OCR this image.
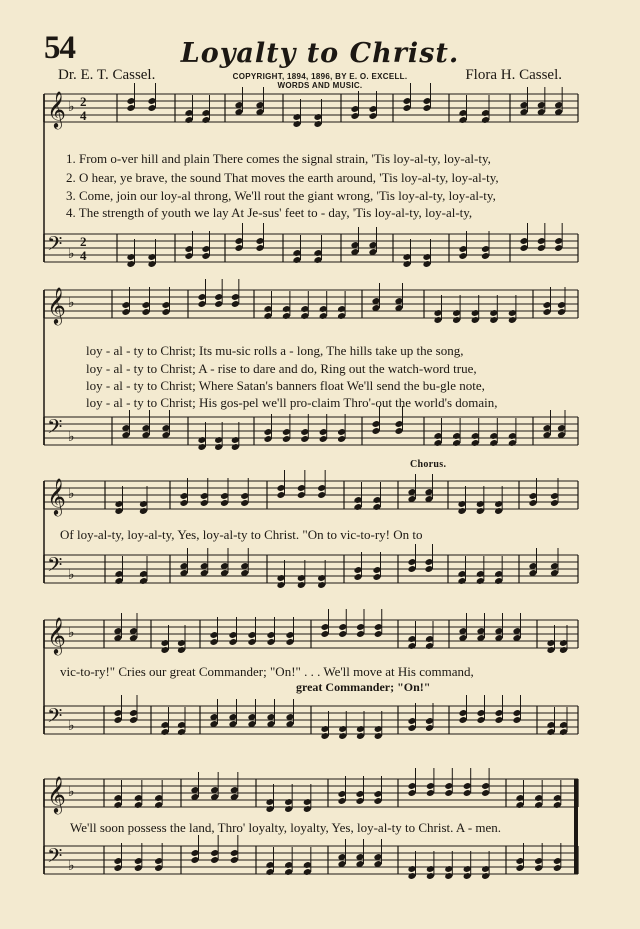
𝄞 ♭
𝄢 ♭
𝄞 ♭
𝄢 ♭
𝄞 ♭
𝄢 ♭
𝄞 ♭
𝄢 ♭
𝄞 ♭
𝄢 ♭
2
4
2
4
54	Loyalty to Christ.
Dr. E. T. Cassel.	COPYRIGHT, 1894, 1896, BY E. O. EXCELL.
WORDS AND MUSIC.
Flora H. Cassel.
1. From o-ver hill and plain There comes the signal strain, 'Tis loy-al-ty, loy-al-ty,
2. O hear, ye brave, the sound That moves the earth around, 'Tis loy-al-ty, loy-al-ty,
3. Come, join our loy-al throng, We'll rout the giant wrong, 'Tis loy-al-ty, loy-al-ty,
4. The strength of youth we lay At Je-sus' feet to - day, 'Tis loy-al-ty, loy-al-ty,
loy - al - ty to Christ; Its mu-sic rolls a - long, The hills take up the song,
loy - al - ty to Christ; A - rise to dare and do, Ring out the watch-word true,
loy - al - ty to Christ; Where Satan's banners float We'll send the bu-gle note,
loy - al - ty to Christ; His gos-pel we'll pro-claim Thro'-out the world's domain,
Chorus.
Of loy-al-ty, loy-al-ty, Yes, loy-al-ty to Christ. "On to vic-to-ry! On to
vic-to-ry!" Cries our great Commander; "On!" . . . We'll move at His command,
great Commander; "On!"
We'll soon possess the land, Thro' loyalty, loyalty, Yes, loy-al-ty to Christ. A - men.
